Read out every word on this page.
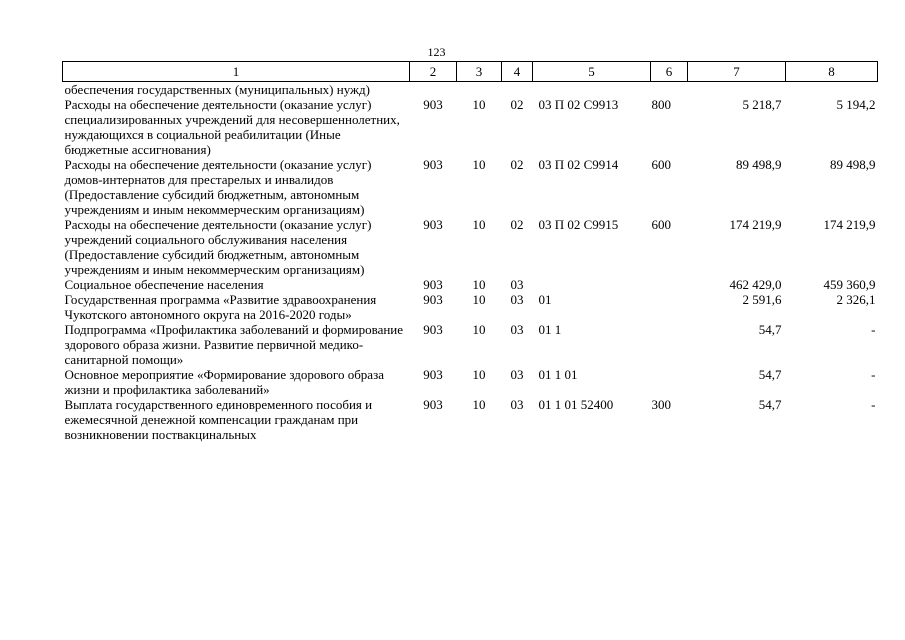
123
1	2	3	4	5	6	7	8
обеспечения государственных (муниципальных) нужд)							
Расходы на обеспечение деятельности (оказание услуг) специализированных учреждений для несовершеннолетних, нуждающихся в социальной реабилитации (Иные бюджетные ассигнования)	903	10	02	03 П 02 С9913	800	5 218,7	5 194,2
Расходы на обеспечение деятельности (оказание услуг) домов-интернатов для престарелых и инвалидов (Предоставление субсидий бюджетным, автономным учреждениям и иным некоммерческим организациям)	903	10	02	03 П 02 С9914	600	89 498,9	89 498,9
Расходы на обеспечение деятельности (оказание услуг) учреждений социального обслуживания населения (Предоставление субсидий бюджетным, автономным учреждениям и иным некоммерческим организациям)	903	10	02	03 П 02 С9915	600	174 219,9	174 219,9
Социальное обеспечение населения	903	10	03			462 429,0	459 360,9
Государственная программа «Развитие здравоохранения Чукотского автономного округа на 2016-2020 годы»	903	10	03	01		2 591,6	2 326,1
Подпрограмма «Профилактика заболеваний и формирование здорового образа жизни. Развитие первичной медико-санитарной помощи»	903	10	03	01 1		54,7	-
Основное мероприятие «Формирование здорового образа жизни и профилактика заболеваний»	903	10	03	01 1 01		54,7	-
Выплата государственного единовременного пособия и ежемесячной денежной компенсации гражданам при возникновении поствакцинальных	903	10	03	01 1 01 52400	300	54,7	-
